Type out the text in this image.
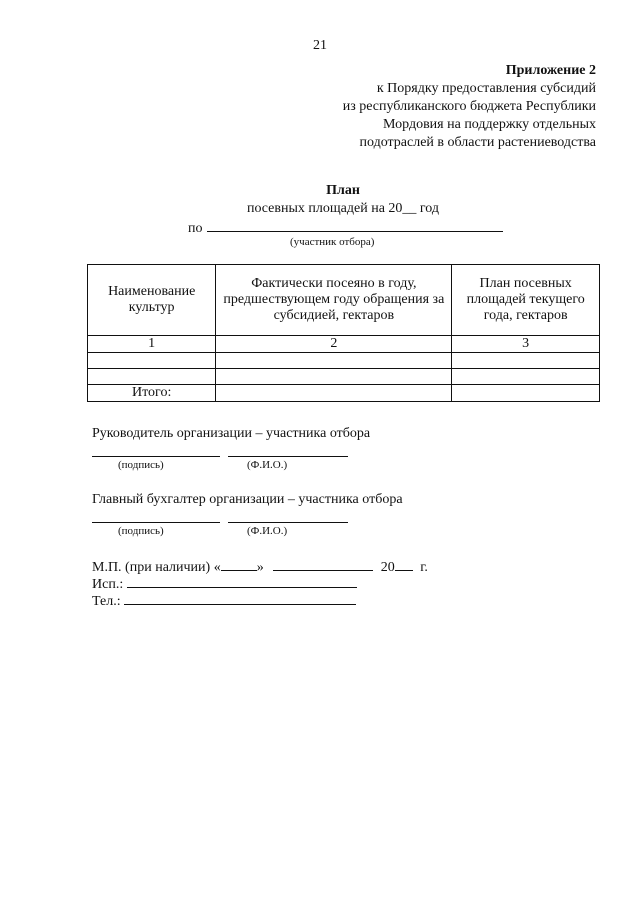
21
Приложение 2
к Порядку предоставления субсидий
из республиканского бюджета Республики
Мордовия на поддержку отдельных
подотраслей в области растениеводства
План
посевных площадей на 20__ год
по
(участник отбора)
Наименование культур	Фактически посеяно в году, предшествующем году обращения за субсидией, гектаров	План посевных площадей текущего года, гектаров
1	2	3

Итого:		
Руководитель организации – участника отбора
(подпись)	(Ф.И.О.)
Главный бухгалтер организации – участника отбора
(подпись)	(Ф.И.О.)
М.П. (при наличии) «	»	20 г.
Исп.:
Тел.:
